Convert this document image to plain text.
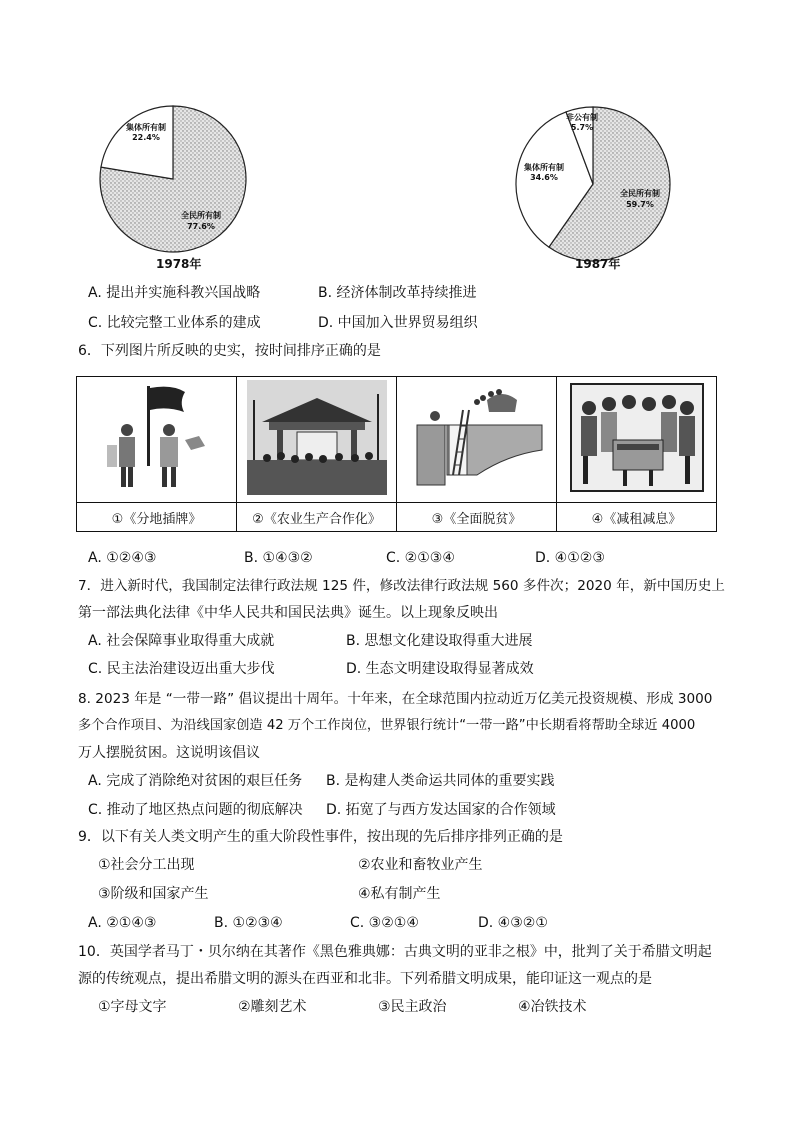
集体所有制
22.4%
全民所有制
77.6%
1978年
非公有制
5.7%
集体所有制
34.6%
全民所有制
59.7%
1987年
A. 提出并实施科教兴国战略	B. 经济体制改革持续推进
C. 比较完整工业体系的建成	D. 中国加入世界贸易组织
6．下列图片所反映的史实，按时间排序正确的是

①《分地插牌》	②《农业生产合作化》	③《全面脱贫》	④《减租减息》
A. ①②④③	B. ①④③②	C. ②①③④	D. ④①②③
7．进入新时代，我国制定法律行政法规 125 件，修改法律行政法规 560 多件次；2020 年，新中国历史上
第一部法典化法律《中华人民共和国民法典》诞生。以上现象反映出
A. 社会保障事业取得重大成就	B. 思想文化建设取得重大进展
C. 民主法治建设迈出重大步伐	D. 生态文明建设取得显著成效
8. 2023 年是 “一带一路” 倡议提出十周年。十年来，在全球范围内拉动近万亿美元投资规模、形成 3000
多个合作项目、为沿线国家创造 42 万个工作岗位，世界银行统计“一带一路”中长期看将帮助全球近 4000
万人摆脱贫困。这说明该倡议
A. 完成了消除绝对贫困的艰巨任务 B. 是构建人类命运共同体的重要实践
C. 推动了地区热点问题的彻底解决 D. 拓宽了与西方发达国家的合作领域
9．以下有关人类文明产生的重大阶段性事件，按出现的先后排序排列正确的是
①社会分工出现	②农业和畜牧业产生
③阶级和国家产生	④私有制产生
A. ②①④③	B. ①②③④	C. ③②①④	D. ④③②①
10．英国学者马丁・贝尔纳在其著作《黑色雅典娜：古典文明的亚非之根》中，批判了关于希腊文明起
源的传统观点，提出希腊文明的源头在西亚和北非。下列希腊文明成果，能印证这一观点的是
①字母文字	②雕刻艺术	③民主政治	④冶铁技术
